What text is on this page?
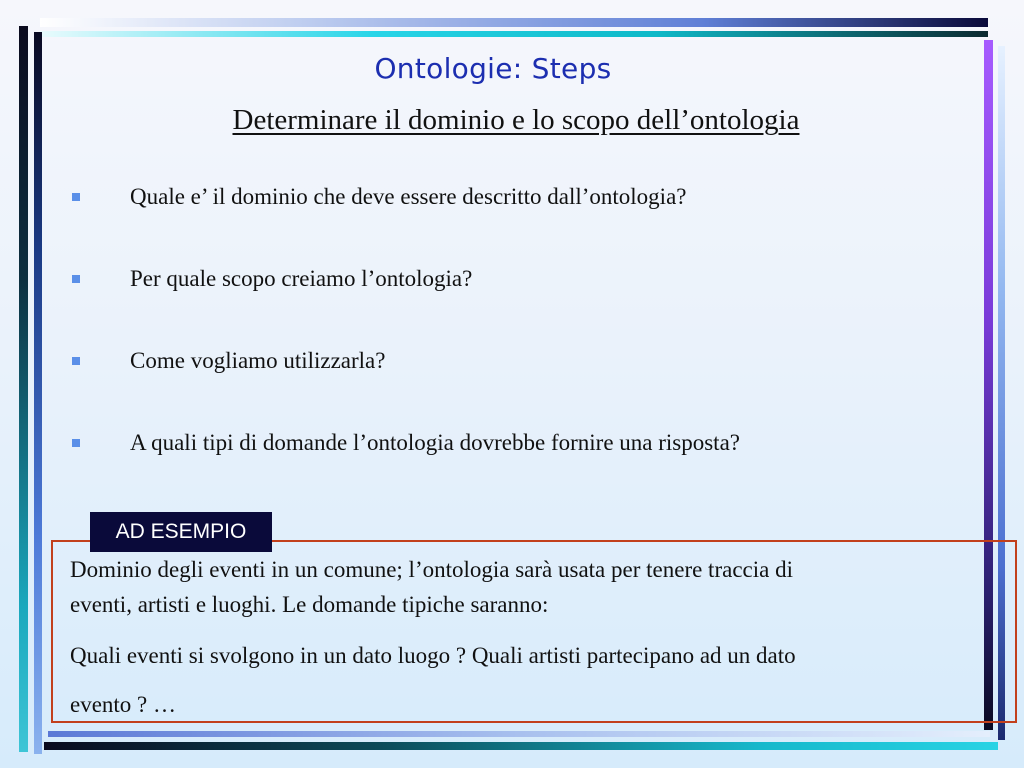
Ontologie: Steps
Determinare il dominio e lo scopo dell’ontologia
Quale e’ il dominio che deve essere descritto dall’ontologia?
Per quale scopo creiamo l’ontologia?
Come vogliamo utilizzarla?
A quali tipi di domande l’ontologia dovrebbe fornire una risposta?
AD ESEMPIO
Dominio degli eventi in un comune; l’ontologia sarà usata per tenere traccia di
eventi, artisti e luoghi. Le domande tipiche saranno:
Quali eventi si svolgono in un dato luogo ? Quali artisti partecipano ad un dato
evento ? …
